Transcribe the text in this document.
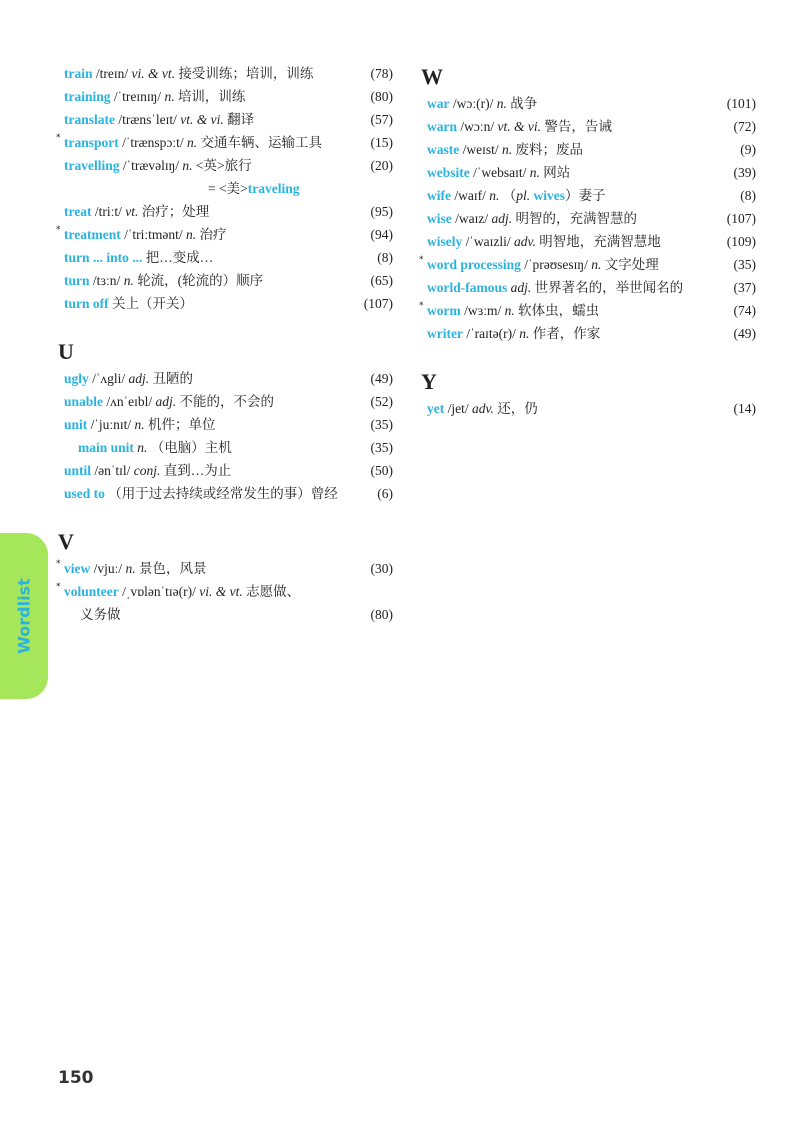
train /treɪn/ vi. & vt. 接受训练；培训，训练	(78)
training /ˈtreɪnɪŋ/ n. 培训，训练	(80)
translate /trænsˈleɪt/ vt. & vi. 翻译	(57)
* transport /ˈtrænspɔːt/ n. 交通车辆、运输工具	(15)
travelling /ˈtrævəlɪŋ/ n. <英>旅行	(20)
= <美>traveling
treat /triːt/ vt. 治疗；处理	(95)
* treatment /ˈtriːtmənt/ n. 治疗	(94)
turn ... into ... 把…变成…	(8)
turn /tɜːn/ n. 轮流，(轮流的）顺序	(65)
turn off 关上（开关）	(107)
U
ugly /ˈʌgli/ adj. 丑陋的	(49)
unable /ʌnˈeɪbl/ adj. 不能的，不会的	(52)
unit /ˈjuːnɪt/ n. 机件；单位	(35)
main unit n. （电脑）主机	(35)
until /ənˈtɪl/ conj. 直到…为止	(50)
used to （用于过去持续或经常发生的事）曾经	(6)
V
* view /vjuː/ n. 景色，风景	(30)
* volunteer /ˌvɒlənˈtɪə(r)/ vi. & vt. 志愿做、
义务做	(80)
W
war /wɔː(r)/ n. 战争	(101)
warn /wɔːn/ vt. & vi. 警告，告诫	(72)
waste /weɪst/ n. 废料；废品	(9)
website /ˈwebsaɪt/ n. 网站	(39)
wife /waɪf/ n. （pl. wives）妻子	(8)
wise /waɪz/ adj. 明智的，充满智慧的	(107)
wisely /ˈwaɪzli/ adv. 明智地，充满智慧地	(109)
* word processing /ˈprəʊsesɪŋ/ n. 文字处理	(35)
world-famous adj. 世界著名的，举世闻名的	(37)
* worm /wɜːm/ n. 软体虫，蠕虫	(74)
writer /ˈraɪtə(r)/ n. 作者，作家	(49)
Y
yet /jet/ adv. 还，仍	(14)
Wordlist
150
